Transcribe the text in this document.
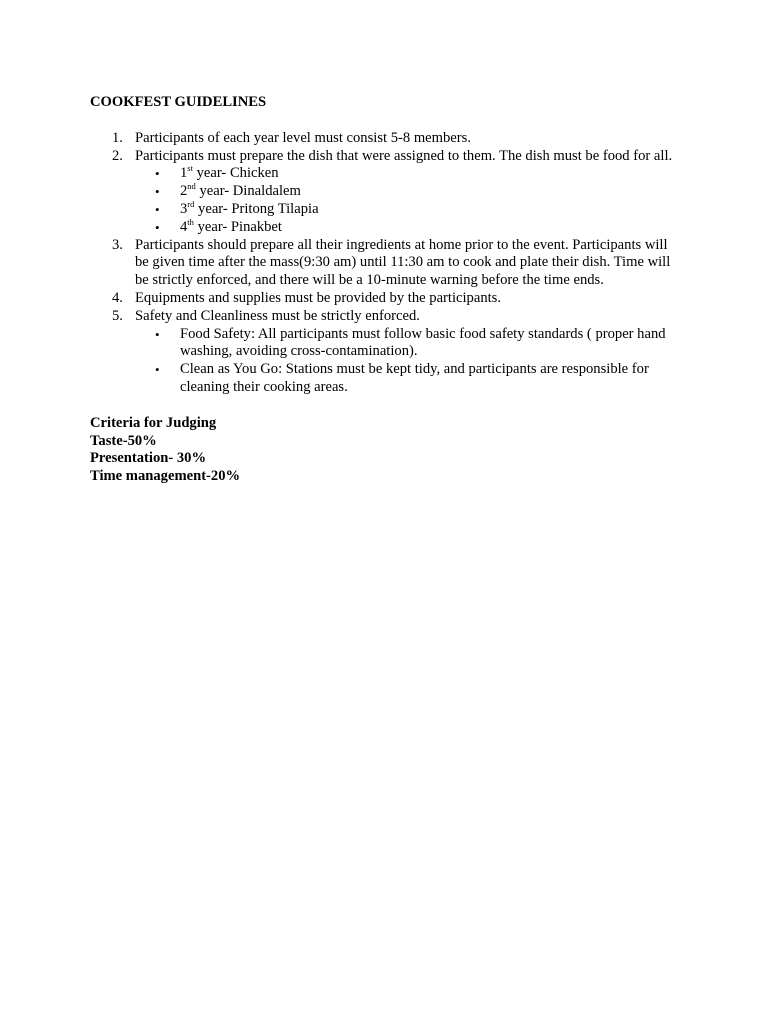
COOKFEST GUIDELINES
1. Participants of each year level must consist 5-8 members.
2. Participants must prepare the dish that were assigned to them. The dish must be food for all.
• 1st year- Chicken
• 2nd year- Dinaldalem
• 3rd year- Pritong Tilapia
• 4th year- Pinakbet
3. Participants should prepare all their ingredients at home prior to the event. Participants will be given time after the mass(9:30 am) until 11:30 am to cook and plate their dish. Time will be strictly enforced, and there will be a 10-minute warning before the time ends.
4. Equipments and supplies must be provided by the participants.
5. Safety and Cleanliness must be strictly enforced.
• Food Safety: All participants must follow basic food safety standards ( proper hand washing, avoiding cross-contamination).
• Clean as You Go: Stations must be kept tidy, and participants are responsible for cleaning their cooking areas.
Criteria for Judging
Taste-50%
Presentation- 30%
Time management-20%
